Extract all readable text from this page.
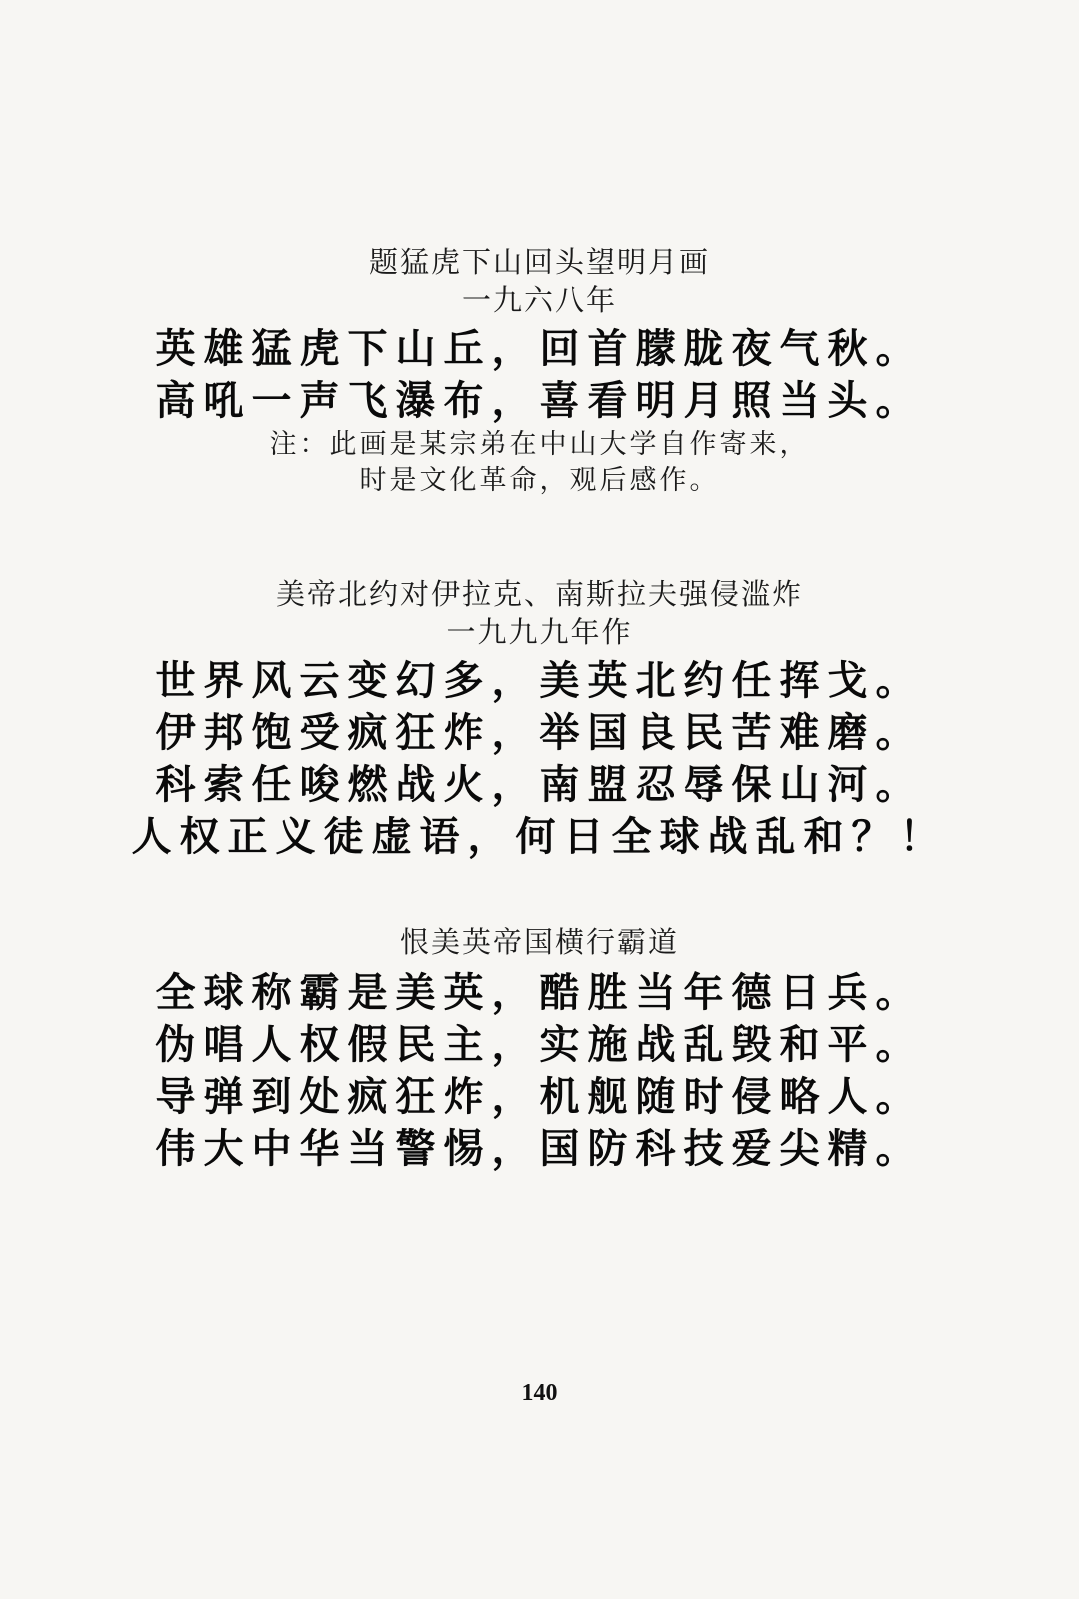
题猛虎下山回头望明月画
一九六八年
英雄猛虎下山丘，回首朦胧夜气秋。
高吼一声飞瀑布，喜看明月照当头。
注：此画是某宗弟在中山大学自作寄来，
时是文化革命，观后感作。
美帝北约对伊拉克、南斯拉夫强侵滥炸
一九九九年作
世界风云变幻多，美英北约任挥戈。
伊邦饱受疯狂炸，举国良民苦难磨。
科索任唆燃战火，南盟忍辱保山河。
人权正义徒虚语，何日全球战乱和？！
恨美英帝国横行霸道
全球称霸是美英，酷胜当年德日兵。
伪唱人权假民主，实施战乱毁和平。
导弹到处疯狂炸，机舰随时侵略人。
伟大中华当警惕，国防科技爱尖精。
140
